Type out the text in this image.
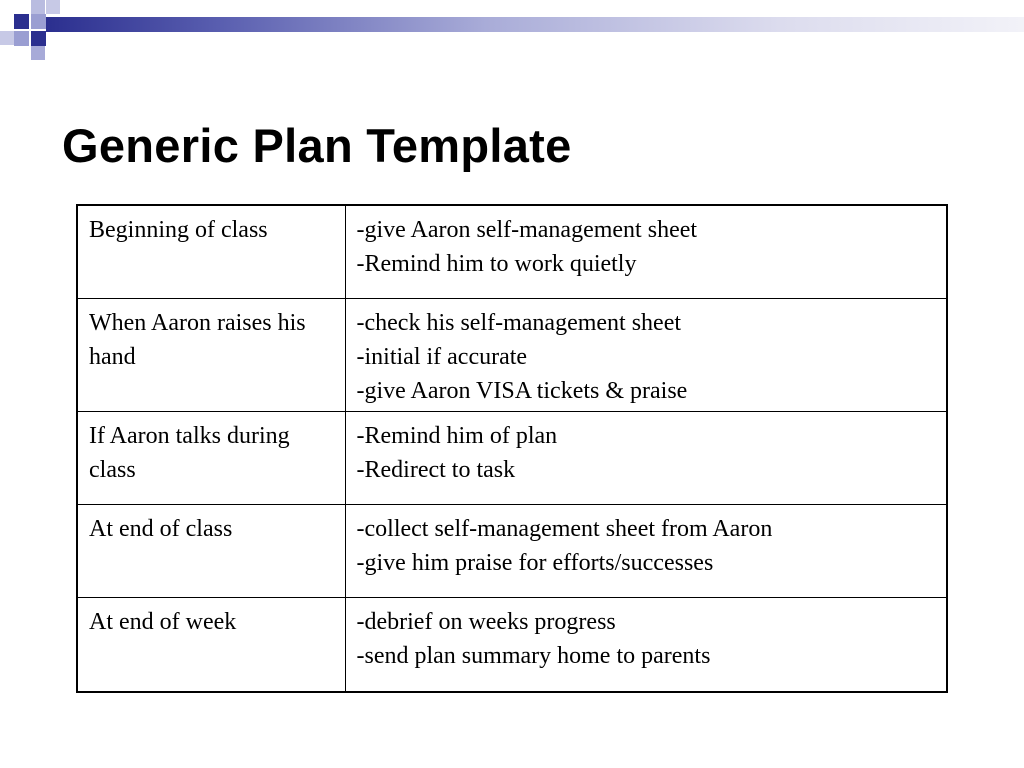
Generic Plan Template
Beginning of class	-give Aaron self-management sheet
-Remind him to work quietly

When Aaron raises his hand	-check his self-management sheet
-initial if accurate
-give Aaron VISA tickets & praise

If Aaron talks during class	-Remind him of plan
-Redirect to task

At end of class	-collect self-management sheet from Aaron
-give him praise for efforts/successes

At end of week	-debrief on weeks progress
-send plan summary home to parents
